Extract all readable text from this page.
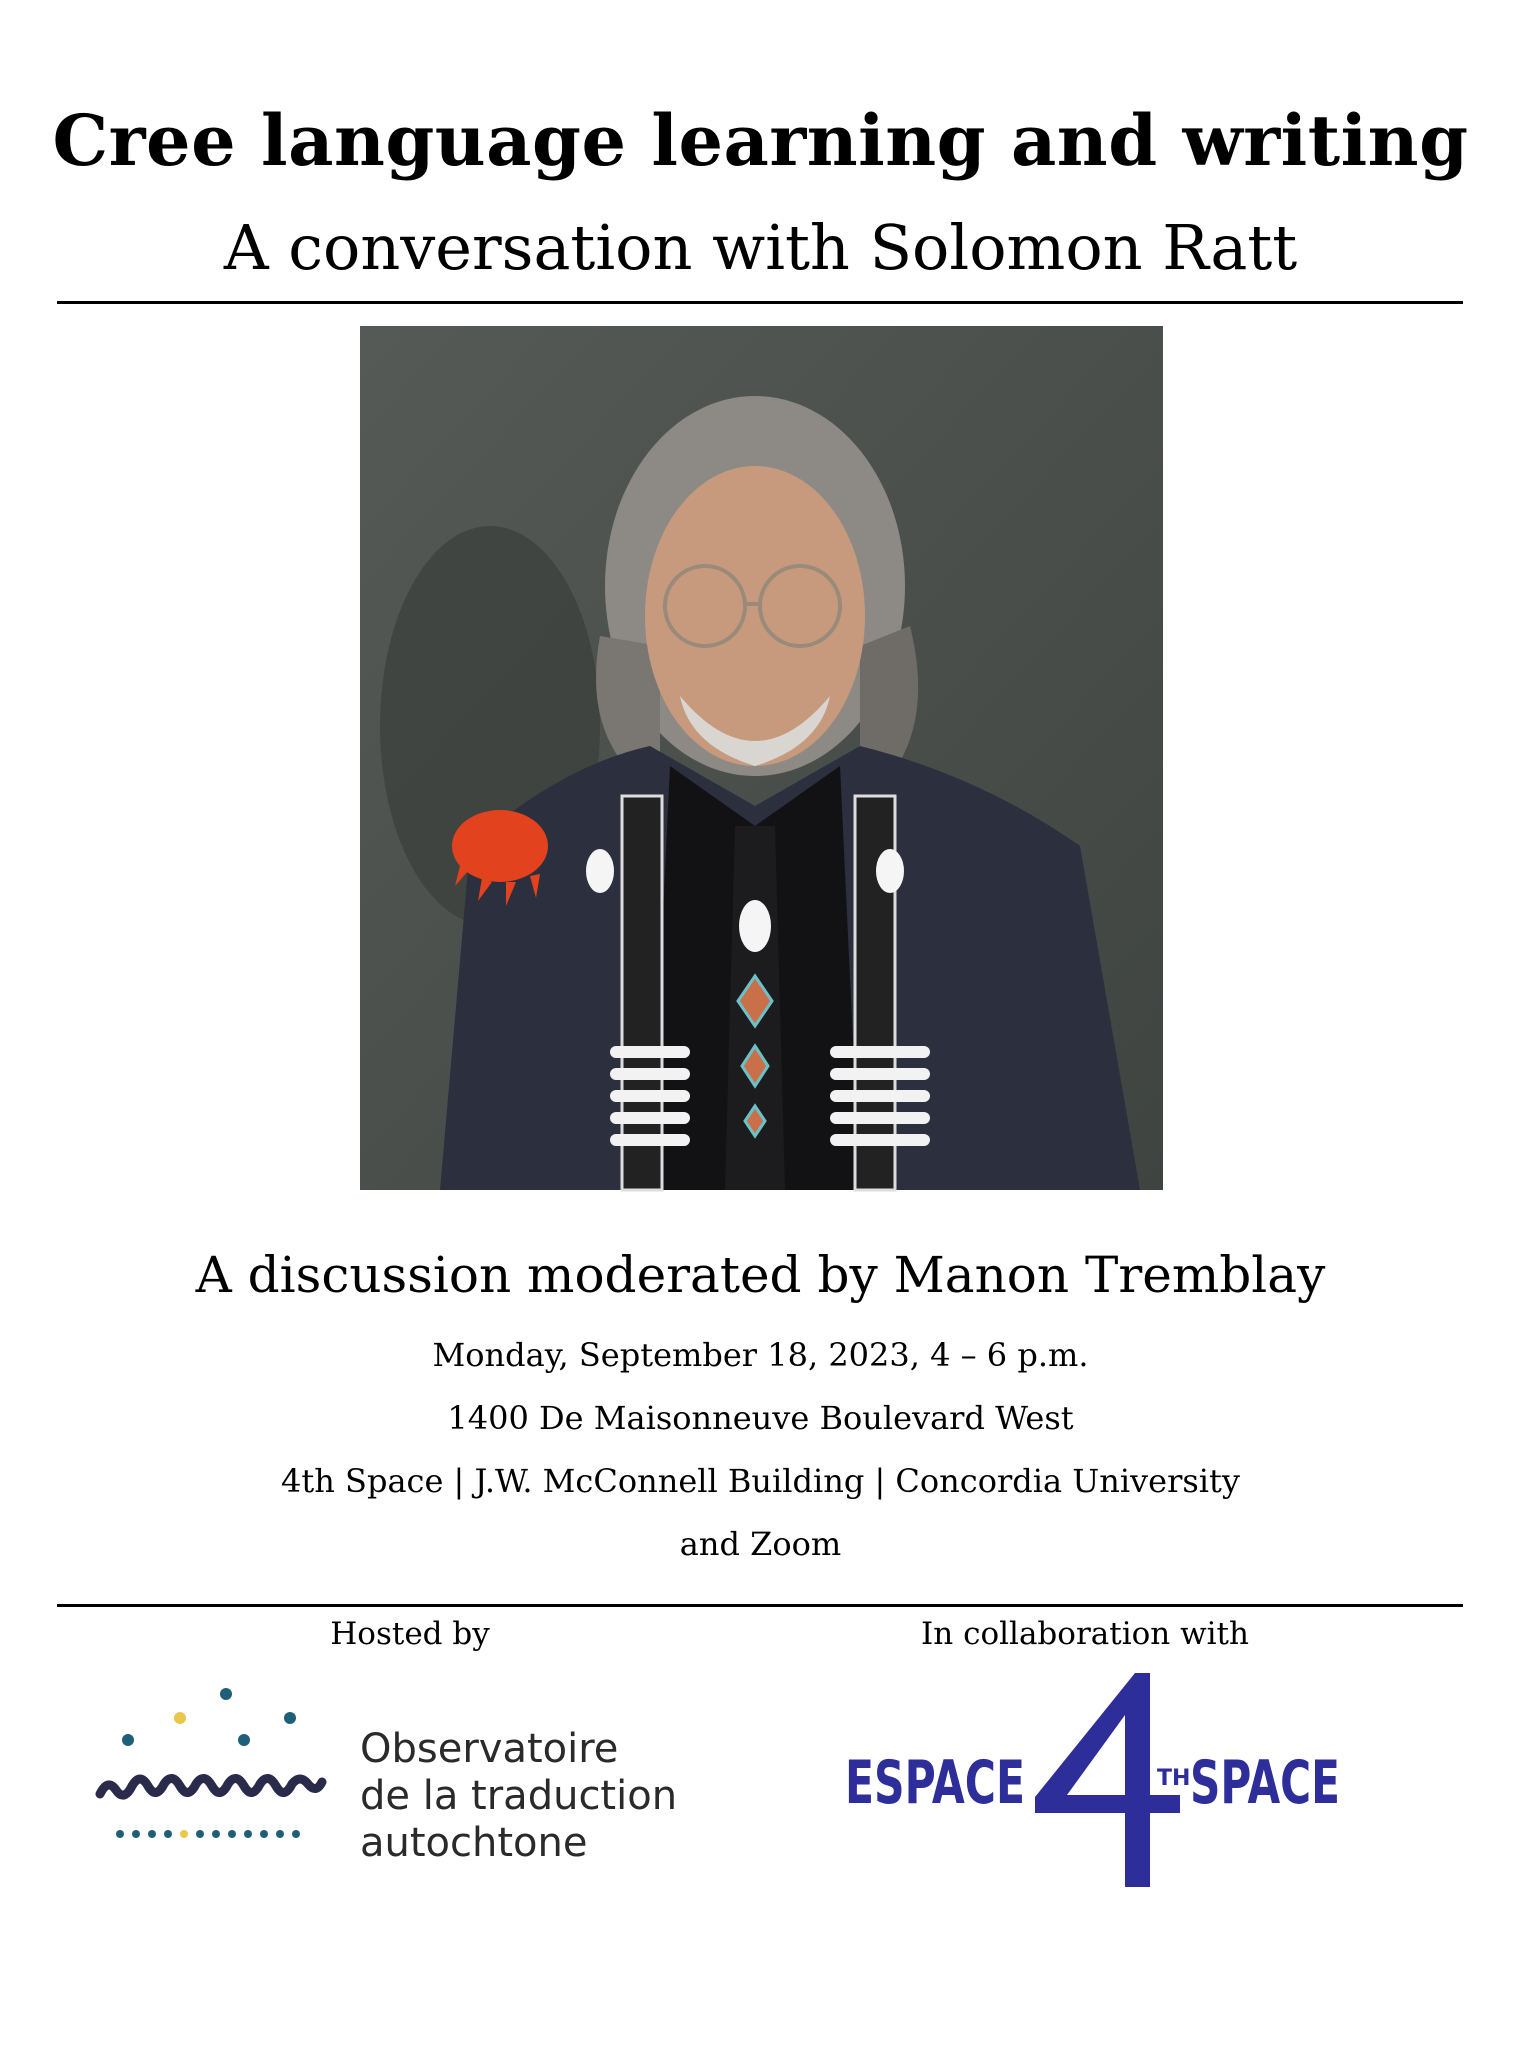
Cree language learning and writing
A conversation with Solomon Ratt
A discussion moderated by Manon Tremblay
Monday, September 18, 2023, 4 – 6 p.m.
1400 De Maisonneuve Boulevard West
4th Space | J.W. McConnell Building | Concordia University
and Zoom
Hosted by	In collaboration with
Observatoire
de la traduction
autochtone
ESPACE	TH SPACE
